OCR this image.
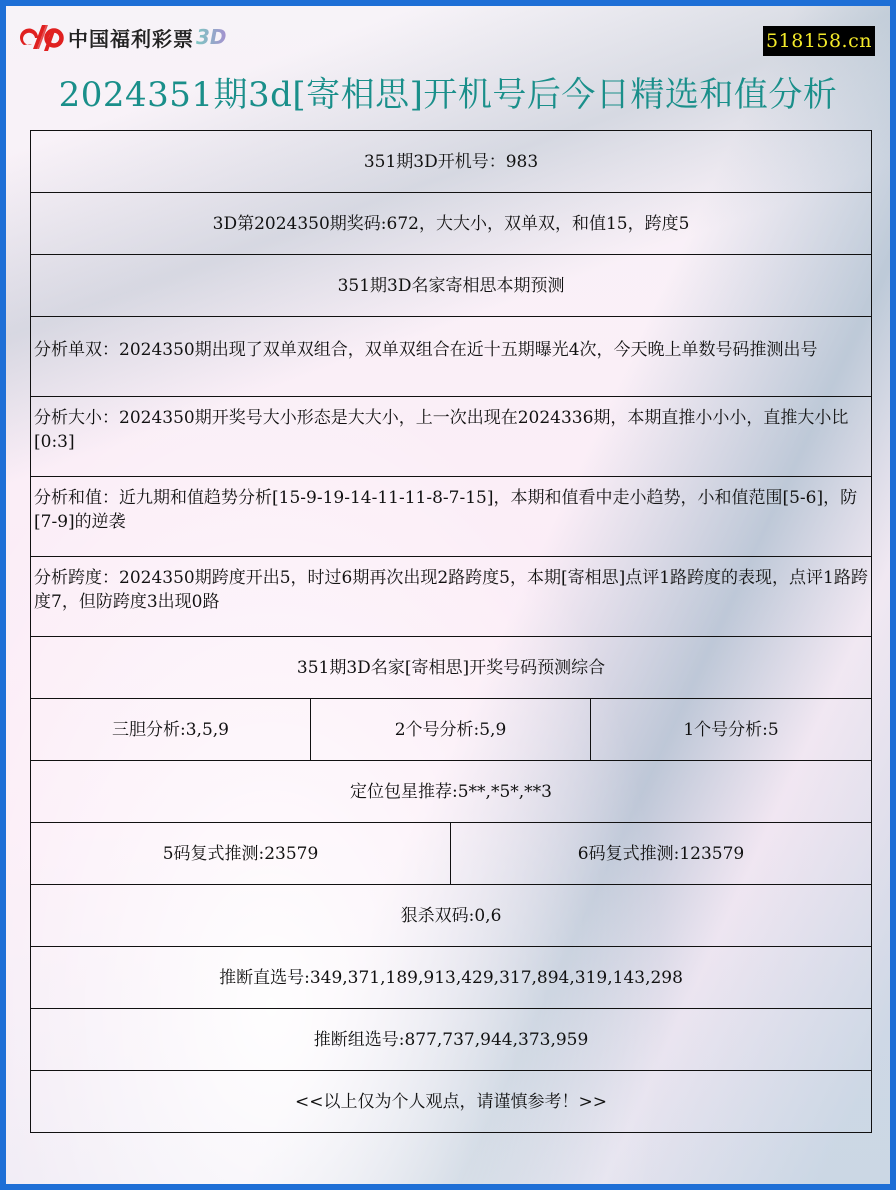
中国福利彩票 3D	518158.cn
2024351期3d[寄相思]开机号后今日精选和值分析
351期3D开机号：983			
3D第2024350期奖码:672，大大小，双单双，和值15，跨度5			
351期3D名家寄相思本期预测			

分析单双：2024350期出现了双单双组合，双单双组合在近十五期曝光4次，今天晚上单数号码推测出号			

分析大小：2024350期开奖号大小形态是大大小，上一次出现在2024336期，本期直推小小小，直推大小比[0:3]			

分析和值：近九期和值趋势分析[15-9-19-14-11-11-8-7-15]，本期和值看中走小趋势，小和值范围[5-6]，防[7-9]的逆袭			

分析跨度：2024350期跨度开出5，时过6期再次出现2路跨度5，本期[寄相思]点评1路跨度的表现，点评1路跨度7，但防跨度3出现0路			

351期3D名家[寄相思]开奖号码预测综合			
三胆分析:3,5,9	2个号分析:5,9		1个号分析:5
定位包星推荐:5**,*5*,**3			
5码复式推测:23579		6码复式推测:123579	
狠杀双码:0,6			
推断直选号:349,371,189,913,429,317,894,319,143,298			
推断组选号:877,737,944,373,959			
<<以上仅为个人观点，请谨慎参考！>>			
